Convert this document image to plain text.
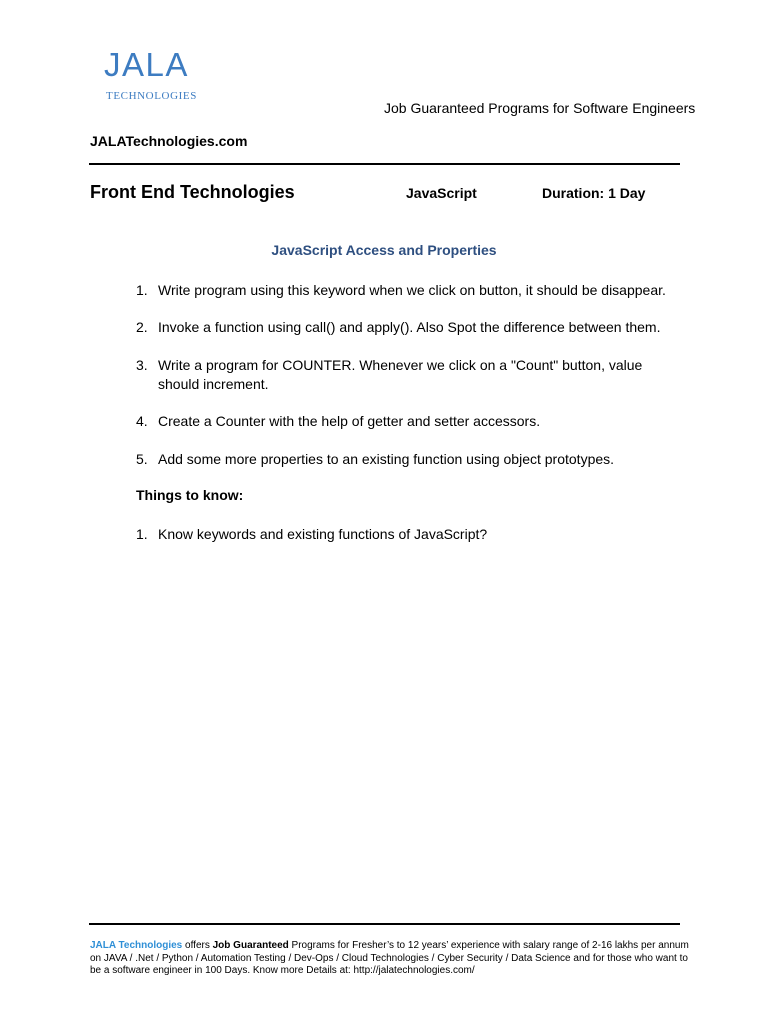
JALA
TECHNOLOGIES
Job Guaranteed Programs for Software Engineers
JALATechnologies.com
Front End Technologies	JavaScript	Duration: 1 Day
JavaScript Access and Properties
1. Write program using this keyword when we click on button, it should be disappear.
2. Invoke a function using call() and apply(). Also Spot the difference between them.
3. Write a program for COUNTER. Whenever we click on a "Count" button, value should increment.
4. Create a Counter with the help of getter and setter accessors.
5. Add some more properties to an existing function using object prototypes.
Things to know:
1. Know keywords and existing functions of JavaScript?
JALA Technologies offers Job Guaranteed Programs for Fresher’s to 12 years’ experience with salary range of 2-16 lakhs per annum on JAVA / .Net / Python / Automation Testing / Dev-Ops / Cloud Technologies / Cyber Security / Data Science and for those who want to be a software engineer in 100 Days. Know more Details at: http://jalatechnologies.com/
